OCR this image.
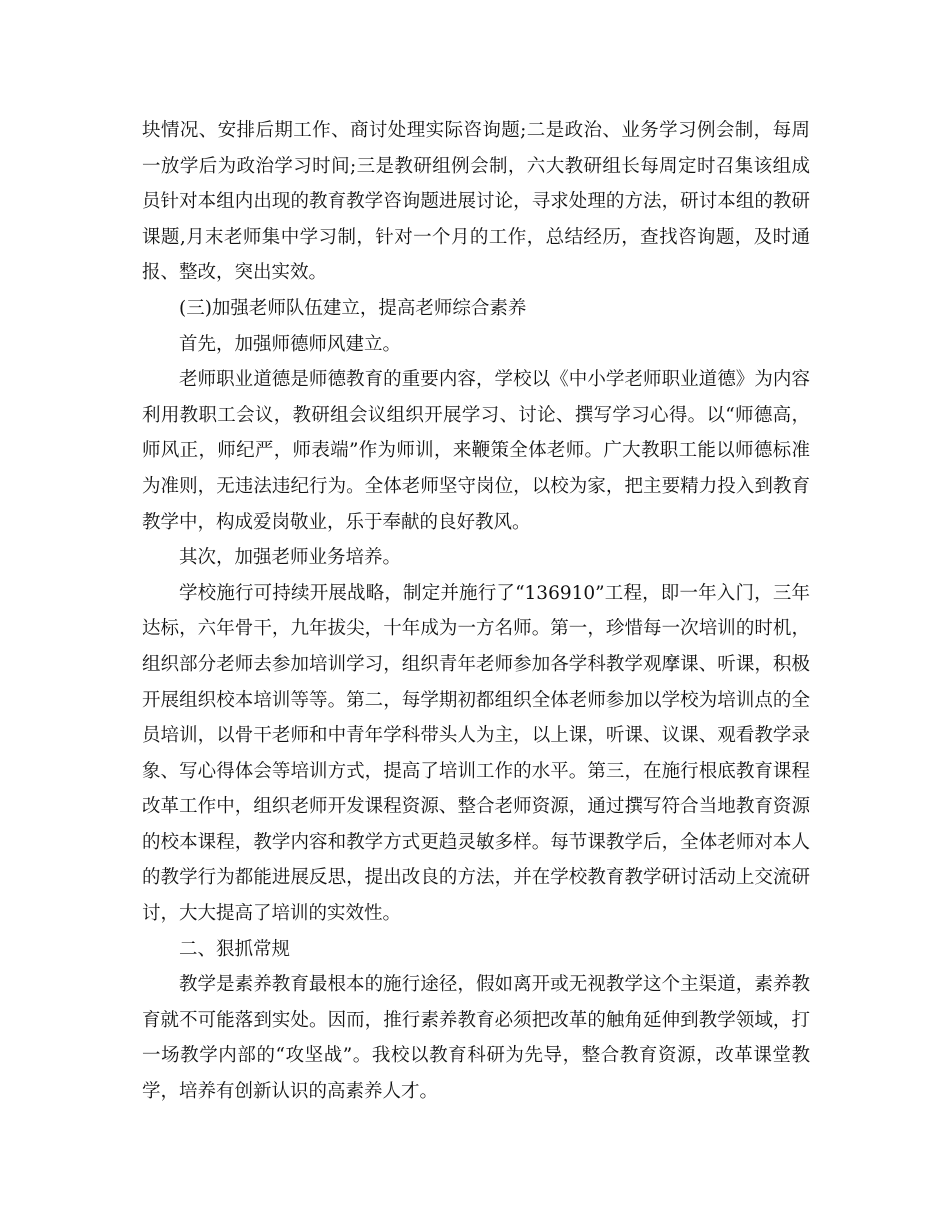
块情况、安排后期工作、商讨处理实际咨询题;二是政治、业务学习例会制，每周一放学后为政治学习时间;三是教研组例会制，六大教研组长每周定时召集该组成员针对本组内出现的教育教学咨询题进展讨论，寻求处理的方法，研讨本组的教研课题,月末老师集中学习制，针对一个月的工作，总结经历，查找咨询题，及时通报、整改，突出实效。

(三)加强老师队伍建立，提高老师综合素养

首先，加强师德师风建立。

老师职业道德是师德教育的重要内容，学校以《中小学老师职业道德》为内容利用教职工会议，教研组会议组织开展学习、讨论、撰写学习心得。以“师德高，师风正，师纪严，师表端”作为师训，来鞭策全体老师。广大教职工能以师德标准为准则，无违法违纪行为。全体老师坚守岗位，以校为家，把主要精力投入到教育教学中，构成爱岗敬业，乐于奉献的良好教风。

其次，加强老师业务培养。

学校施行可持续开展战略，制定并施行了“136910”工程，即一年入门，三年达标，六年骨干，九年拔尖，十年成为一方名师。第一，珍惜每一次培训的时机，组织部分老师去参加培训学习，组织青年老师参加各学科教学观摩课、听课，积极开展组织校本培训等等。第二，每学期初都组织全体老师参加以学校为培训点的全员培训，以骨干老师和中青年学科带头人为主，以上课，听课、议课、观看教学录象、写心得体会等培训方式，提高了培训工作的水平。第三，在施行根底教育课程改革工作中，组织老师开发课程资源、整合老师资源，通过撰写符合当地教育资源的校本课程，教学内容和教学方式更趋灵敏多样。每节课教学后，全体老师对本人的教学行为都能进展反思，提出改良的方法，并在学校教育教学研讨活动上交流研讨，大大提高了培训的实效性。

二、狠抓常规

教学是素养教育最根本的施行途径，假如离开或无视教学这个主渠道，素养教育就不可能落到实处。因而，推行素养教育必须把改革的触角延伸到教学领域，打一场教学内部的“攻坚战”。我校以教育科研为先导，整合教育资源，改革课堂教学，培养有创新认识的高素养人才。
